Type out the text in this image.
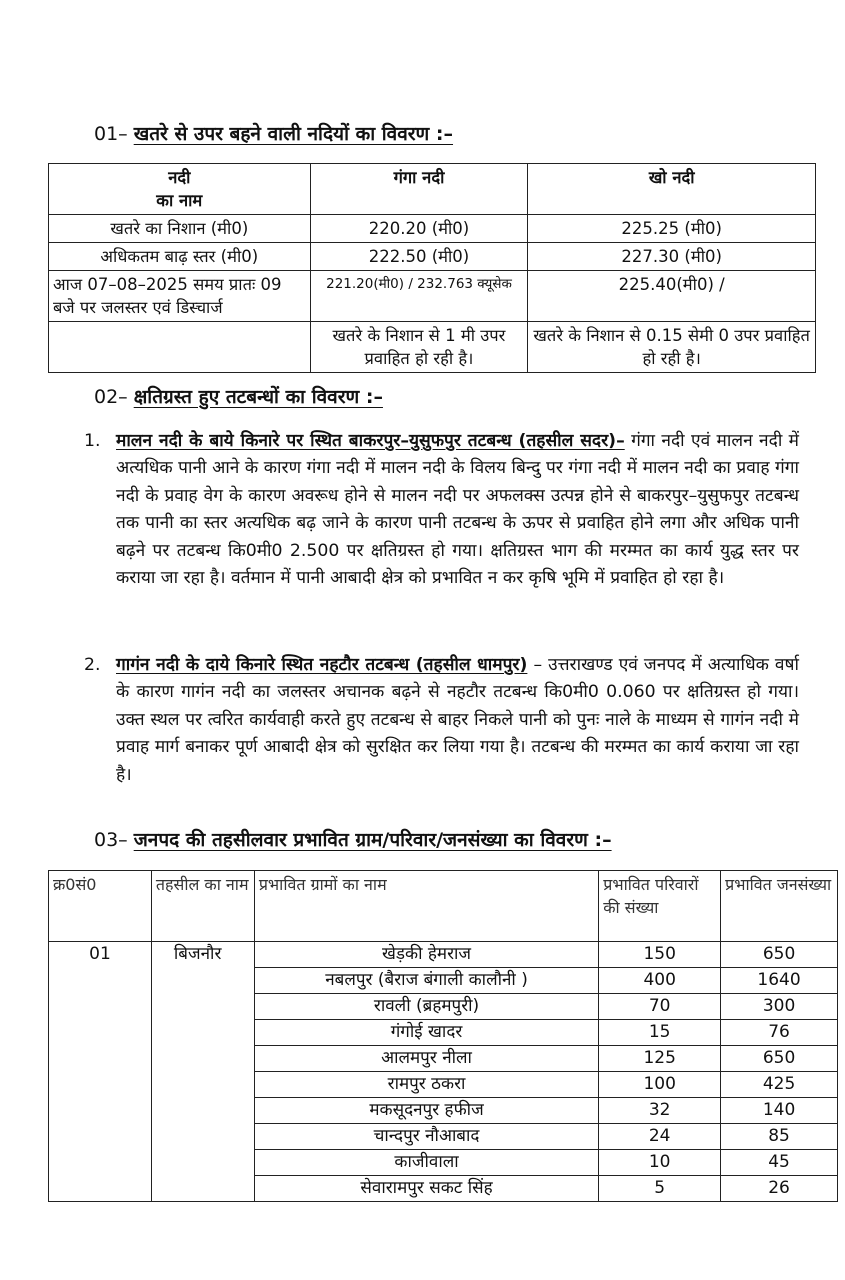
01– खतरे से उपर बहने वाली नदियों का विवरण :–
नदी
का नाम	गंगा नदी	खो नदी
खतरे का निशान (मी0)	220.20 (मी0)	225.25 (मी0)
अधिकतम बाढ़ स्तर (मी0)	222.50 (मी0)	227.30 (मी0)
आज 07–08–2025 समय प्रातः 09 बजे पर जलस्तर एवं डिस्चार्ज	221.20(मी0) / 232.763 क्यूसेक	225.40(मी0) /
	खतरे के निशान से 1 मी उपर प्रवाहित हो रही है।	खतरे के निशान से 0.15 सेमी 0 उपर प्रवाहित हो रही है।
02– क्षतिग्रस्त हुए तटबन्धों का विवरण :–
1. मालन नदी के बाये किनारे पर स्थित बाकरपुर–युसुफपुर तटबन्ध (तहसील सदर)– गंगा नदी एवं मालन नदी में अत्यधिक पानी आने के कारण गंगा नदी में मालन नदी के विलय बिन्दु पर गंगा नदी में मालन नदी का प्रवाह गंगा नदी के प्रवाह वेग के कारण अवरूध होने से मालन नदी पर अफलक्स उत्पन्न होने से बाकरपुर–युसुफपुर तटबन्ध तक पानी का स्तर अत्यधिक बढ़ जाने के कारण पानी तटबन्ध के ऊपर से प्रवाहित होने लगा और अधिक पानी बढ़ने पर तटबन्ध कि0मी0 2.500 पर क्षतिग्रस्त हो गया। क्षतिग्रस्त भाग की मरम्मत का कार्य युद्ध स्तर पर कराया जा रहा है। वर्तमान में पानी आबादी क्षेत्र को प्रभावित न कर कृषि भूमि में प्रवाहित हो रहा है।
2. गागंन नदी के दाये किनारे स्थित नहटौर तटबन्ध (तहसील धामपुर) – उत्तराखण्ड एवं जनपद में अत्याधिक वर्षा के कारण गागंन नदी का जलस्तर अचानक बढ़ने से नहटौर तटबन्ध कि0मी0 0.060 पर क्षतिग्रस्त हो गया। उक्त स्थल पर त्वरित कार्यवाही करते हुए तटबन्ध से बाहर निकले पानी को पुनः नाले के माध्यम से गागंन नदी मे प्रवाह मार्ग बनाकर पूर्ण आबादी क्षेत्र को सुरक्षित कर लिया गया है। तटबन्ध की मरम्मत का कार्य कराया जा रहा है।
03– जनपद की तहसीलवार प्रभावित ग्राम/परिवार/जनसंख्या का विवरण :–
क्र0सं0	तहसील का नाम	प्रभावित ग्रामों का नाम	प्रभावित परिवारों की संख्या	प्रभावित जनसंख्या
01	बिजनौर	खेड़की हेमराज	150	650
		नबलपुर (बैराज बंगाली कालौनी )	400	1640
		रावली (ब्रहमपुरी)	70	300
		गंगोई खादर	15	76
		आलमपुर नीला	125	650
		रामपुर ठकरा	100	425
		मकसूदनपुर हफीज	32	140
		चान्दपुर नौआबाद	24	85
		काजीवाला	10	45
		सेवारामपुर सकट सिंह	5	26
